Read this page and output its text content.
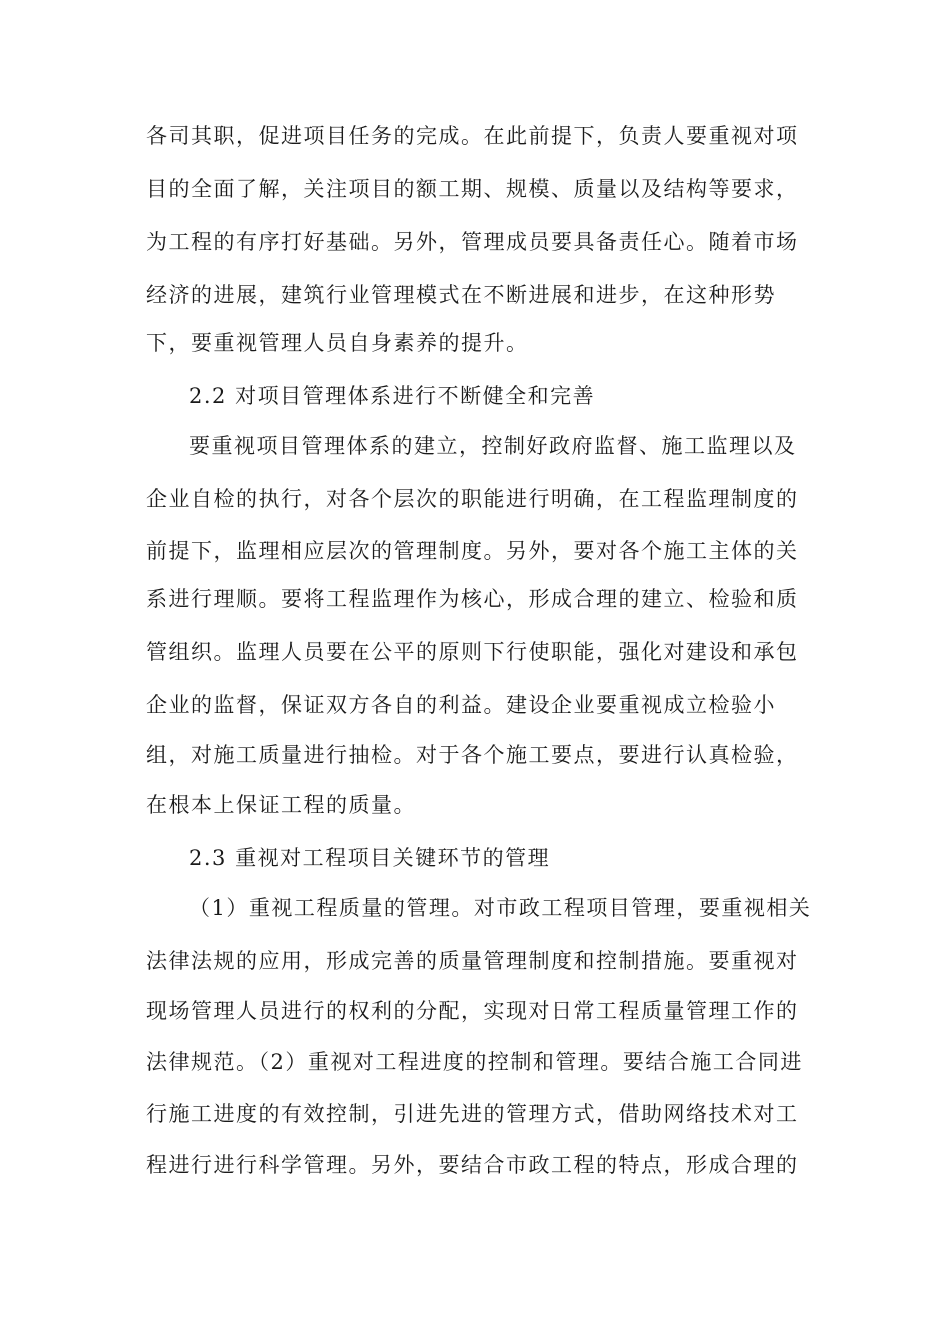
各司其职，促进项目任务的完成。在此前提下，负责人要重视对项
目的全面了解，关注项目的额工期、规模、质量以及结构等要求，
为工程的有序打好基础。另外，管理成员要具备责任心。随着市场
经济的进展，建筑行业管理模式在不断进展和进步，在这种形势
下，要重视管理人员自身素养的提升。
2.2 对项目管理体系进行不断健全和完善
要重视项目管理体系的建立，控制好政府监督、施工监理以及
企业自检的执行，对各个层次的职能进行明确，在工程监理制度的
前提下，监理相应层次的管理制度。另外，要对各个施工主体的关
系进行理顺。要将工程监理作为核心，形成合理的建立、检验和质
管组织。监理人员要在公平的原则下行使职能，强化对建设和承包
企业的监督，保证双方各自的利益。建设企业要重视成立检验小
组，对施工质量进行抽检。对于各个施工要点，要进行认真检验，
在根本上保证工程的质量。
2.3 重视对工程项目关键环节的管理
（1）重视工程质量的管理。对市政工程项目管理，要重视相关
法律法规的应用，形成完善的质量管理制度和控制措施。要重视对
现场管理人员进行的权利的分配，实现对日常工程质量管理工作的
法律规范。（2）重视对工程进度的控制和管理。要结合施工合同进
行施工进度的有效控制，引进先进的管理方式，借助网络技术对工
程进行进行科学管理。另外，要结合市政工程的特点，形成合理的
